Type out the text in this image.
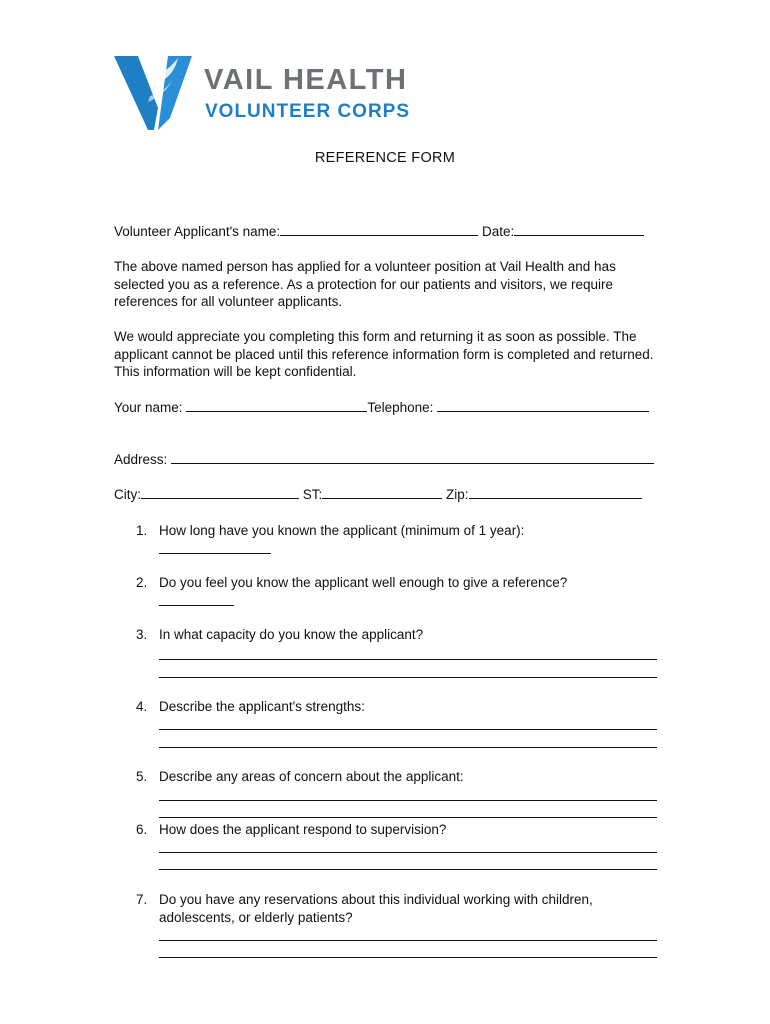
VAIL HEALTH
VOLUNTEER CORPS
REFERENCE FORM
Volunteer Applicant's name:	Date:
The above named person has applied for a volunteer position at Vail Health and has selected you as a reference. As a protection for our patients and visitors, we require references for all volunteer applicants.
We would appreciate you completing this form and returning it as soon as possible. The applicant cannot be placed until this reference information form is completed and returned. This information will be kept confidential.
Your name:	Telephone:
Address:
City:	ST:	Zip:
1. How long have you known the applicant (minimum of 1 year):
2. Do you feel you know the applicant well enough to give a reference?
3. In what capacity do you know the applicant?
4. Describe the applicant's strengths:
5. Describe any areas of concern about the applicant:
6. How does the applicant respond to supervision?
7. Do you have any reservations about this individual working with children, adolescents, or elderly patients?
